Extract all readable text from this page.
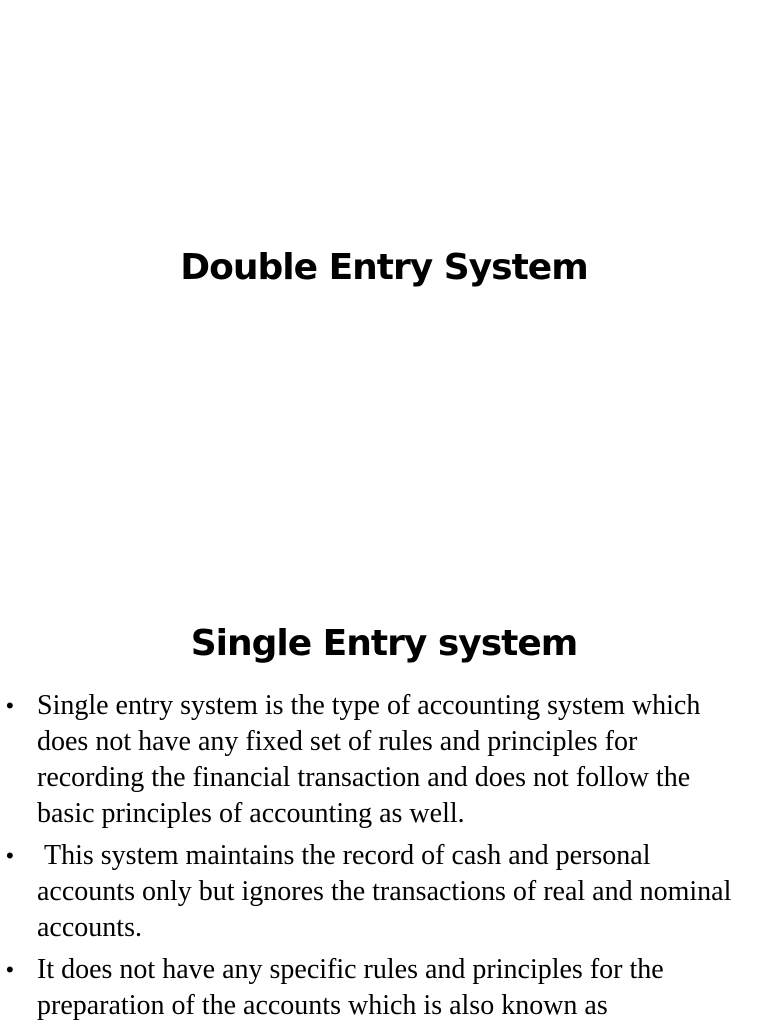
Double Entry System
Single Entry system
• Single entry system is the type of accounting system which does not have any fixed set of rules and principles for recording the financial transaction and does not follow the basic principles of accounting as well.
• This system maintains the record of cash and personal accounts only but ignores the transactions of real and nominal accounts.
• It does not have any specific rules and principles for the preparation of the accounts which is also known as
